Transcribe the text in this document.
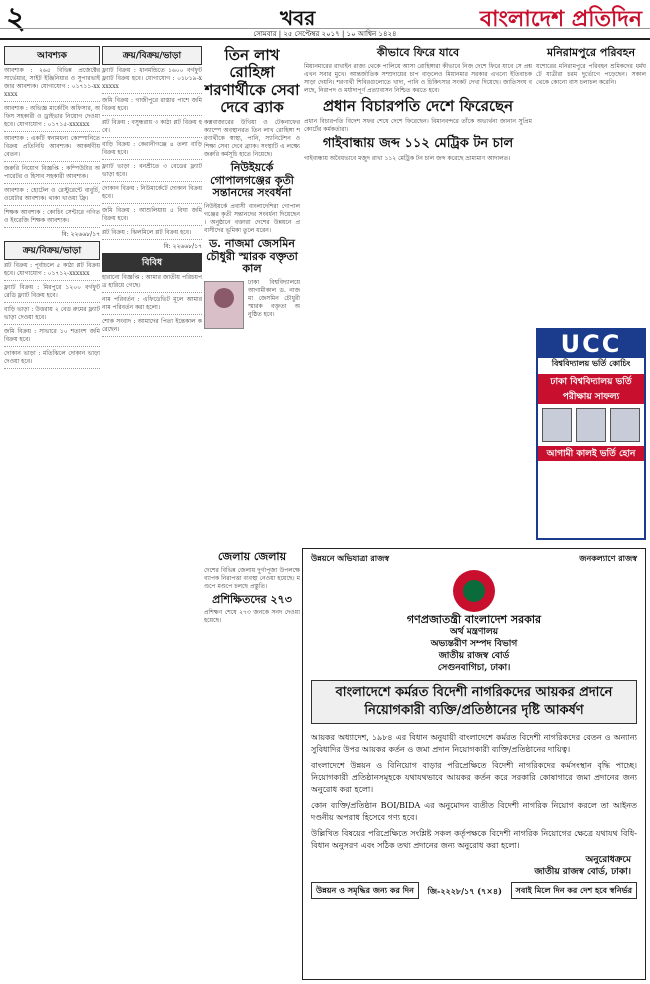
২	খবর	বাংলাদেশ প্রতিদিন
সোমবার | ২৫ সেপ্টেম্বর ২০১৭ | ১০ আশ্বিন ১৪২৪
আবশ্যক
আবশ্যক : ২৬৫ বিভিন্ন প্রজেক্টের সার্ভেয়ার, সাইট ইঞ্জিনিয়ার ও সুপারভাইজার আবশ্যক। যোগাযোগ : ০১৭১১-xxxxxx
আবশ্যক : অভিজ্ঞ মার্কেটিং অফিসার, অফিস সহকারী ও ড্রাইভার নিয়োগ দেওয়া হবে। যোগাযোগ : ০১৭১৫-xxxxxx
আবশ্যক : একটি স্বনামধন্য কোম্পানিতে বিক্রয় প্রতিনিধি আবশ্যক। আকর্ষণীয় বেতন।
জরুরি নিয়োগ বিজ্ঞপ্তি : কম্পিউটার অপারেটর ও হিসাব সহকারী আবশ্যক।
আবশ্যক : হোটেল ও রেস্টুরেন্টে বাবুর্চি, ওয়েটার আবশ্যক। থাকা খাওয়া ফ্রি।
শিক্ষক আবশ্যক : কোচিং সেন্টারে গণিত ও ইংরেজি শিক্ষক আবশ্যক।
বি: ২২৬৬৮/১৭
ক্রয়/বিক্রয়/ভাড়া
প্লট বিক্রয় : পূর্বাচলে ৫ কাঠা প্লট বিক্রয় হবে। যোগাযোগ : ০১৭১২-xxxxxx
ফ্ল্যাট বিক্রয় : মিরপুরে ১২০০ বর্গফুট রেডি ফ্ল্যাট বিক্রয় হবে।
বাড়ি ভাড়া : উত্তরায় ২ বেড রুমের ফ্ল্যাট ভাড়া দেওয়া হবে।
জমি বিক্রয় : সাভারে ১০ শতাংশ জমি বিক্রয় হবে।
দোকান ভাড়া : মতিঝিলে দোকান ভাড়া দেওয়া হবে।
ক্রয়/বিক্রয়/ভাড়া
ফ্ল্যাট বিক্রয় : ধানমন্ডিতে ১৬০০ বর্গফুট ফ্ল্যাট বিক্রয় হবে। যোগাযোগ : ০১৮১৯-xxxxxx
জমি বিক্রয় : গাজীপুরে রাস্তার পাশে জমি বিক্রয় হবে।
প্লট বিক্রয় : বসুন্ধরায় ৩ কাঠা প্লট বিক্রয় হবে।
বাড়ি বিক্রয় : কেরানীগঞ্জে ৪ তলা বাড়ি বিক্রয় হবে।
ফ্ল্যাট ভাড়া : বনশ্রীতে ৩ বেডের ফ্ল্যাট ভাড়া হবে।
দোকান বিক্রয় : নিউমার্কেটে দোকান বিক্রয় হবে।
জমি বিক্রয় : আশুলিয়ায় ৫ বিঘা জমি বিক্রয় হবে।
প্লট বিক্রয় : ঝিলমিলে প্লট বিক্রয় হবে।
বি: ২২৬৬৮/১৭
বিবিধ
হারানো বিজ্ঞপ্তি : আমার জাতীয় পরিচয়পত্র হারিয়ে গেছে।
নাম পরিবর্তন : এফিডেভিট মূলে আমার নাম পরিবর্তন করা হলো।
শোক সংবাদ : আমাদের পিতা ইন্তেকাল করেছেন।
তিন লাখ রোহিঙ্গা শরণার্থীকে সেবা দেবে ব্র্যাক
কক্সবাজারের উখিয়া ও টেকনাফের ক্যাম্পে অবস্থানরত তিন লাখ রোহিঙ্গা শরণার্থীকে স্বাস্থ্য, পানি, স্যানিটেশন ও শিক্ষা সেবা দেবে ব্র্যাক। সংস্থাটি এ লক্ষ্যে জরুরি কর্মসূচি হাতে নিয়েছে।
নিউইয়র্কে গোপালগঞ্জের কৃতী সন্তানদের সংবর্ধনা
নিউইয়র্কে প্রবাসী বাংলাদেশিরা গোপালগঞ্জের কৃতী সন্তানদের সংবর্ধনা দিয়েছেন। অনুষ্ঠানে বক্তারা দেশের উন্নয়নে প্রবাসীদের ভূমিকা তুলে ধরেন।
ড. নাজমা জেসমিন চৌধুরী স্মারক বক্তৃতা কাল
ঢাকা বিশ্ববিদ্যালয়ে আগামীকাল ড. নাজমা জেসমিন চৌধুরী স্মারক বক্তৃতা অনুষ্ঠিত হবে।
কীভাবে ফিরে যাবে
মিয়ানমারের রাখাইন রাজ্য থেকে পালিয়ে আসা রোহিঙ্গারা কীভাবে নিজ দেশে ফিরে যাবে সে প্রশ্ন এখন সবার মুখে। আন্তর্জাতিক সম্প্রদায়ের চাপ বাড়লেও মিয়ানমার সরকার এখনো ইতিবাচক সাড়া দেয়নি। শরণার্থী শিবিরগুলোতে খাদ্য, পানি ও চিকিৎসার সংকট দেখা দিয়েছে। জাতিসংঘ বলছে, নিরাপদ ও মর্যাদাপূর্ণ প্রত্যাবাসন নিশ্চিত করতে হবে।
প্রধান বিচারপতি দেশে ফিরেছেন
প্রধান বিচারপতি বিদেশ সফর শেষে দেশে ফিরেছেন। বিমানবন্দরে তাঁকে অভ্যর্থনা জানান সুপ্রিম কোর্টের কর্মকর্তারা।
গাইবান্ধায় জব্দ ১১২ মেট্রিক টন চাল
গাইবান্ধায় অবৈধভাবে মজুদ রাখা ১১২ মেট্রিক টন চাল জব্দ করেছে ভ্রাম্যমাণ আদালত।
মনিরামপুরে পরিবহন
যশোরের মনিরামপুরে পরিবহন শ্রমিকদের ধর্মঘটে যাত্রীরা চরম দুর্ভোগে পড়েছেন। সকাল থেকে কোনো বাস চলাচল করেনি।
UCC
বিশ্ববিদ্যালয় ভর্তি কোচিং
ঢাকা বিশ্ববিদ্যালয় ভর্তি পরীক্ষায় সাফল্য
আগামী কালই ভর্তি হোন
জেলায় জেলায়
দেশের বিভিন্ন জেলায় দুর্গাপূজা উপলক্ষে ব্যাপক নিরাপত্তা ব্যবস্থা নেওয়া হয়েছে। মণ্ডপে মণ্ডপে চলছে প্রস্তুতি।
প্রশিক্ষিতদের ২৭৩
প্রশিক্ষণ শেষে ২৭৩ জনকে সনদ দেওয়া হয়েছে।
উন্নয়নে অভিযাত্রা রাজস্ব	জনকল্যাণে রাজস্ব
গণপ্রজাতন্ত্রী বাংলাদেশ সরকার
অর্থ মন্ত্রণালয়
অভ্যন্তরীণ সম্পদ বিভাগ
জাতীয় রাজস্ব বোর্ড
সেগুনবাগিচা, ঢাকা।
বাংলাদেশে কর্মরত বিদেশী নাগরিকদের আয়কর প্রদানে নিয়োগকারী ব্যক্তি/প্রতিষ্ঠানের দৃষ্টি আকর্ষণ
আয়কর অধ্যাদেশ, ১৯৮৪ এর বিধান অনুযায়ী বাংলাদেশে কর্মরত বিদেশী নাগরিকদের বেতন ও অন্যান্য সুবিধাদির উপর আয়কর কর্তন ও জমা প্রদান নিয়োগকারী ব্যক্তি/প্রতিষ্ঠানের দায়িত্ব।
বাংলাদেশে উন্নয়ন ও বিনিয়োগ বাড়ার পরিপ্রেক্ষিতে বিদেশী নাগরিকদের কর্মসংস্থান বৃদ্ধি পাচ্ছে। নিয়োগকারী প্রতিষ্ঠানসমূহকে যথাযথভাবে আয়কর কর্তন করে সরকারি কোষাগারে জমা প্রদানের জন্য অনুরোধ করা হলো।
কোন ব্যক্তি/প্রতিষ্ঠান BOI/BIDA এর অনুমোদন ব্যতীত বিদেশী নাগরিক নিয়োগ করলে তা আইনত দণ্ডনীয় অপরাধ হিসেবে গণ্য হবে।
উল্লিখিত বিষয়ের পরিপ্রেক্ষিতে সংশ্লিষ্ট সকল কর্তৃপক্ষকে বিদেশী নাগরিক নিয়োগের ক্ষেত্রে যথাযথ বিধি-বিধান অনুসরণ এবং সঠিক তথ্য প্রদানের জন্য অনুরোধ করা হলো।
অনুরোধক্রমে
জাতীয় রাজস্ব বোর্ড, ঢাকা।
উন্নয়ন ও সমৃদ্ধির জন্য কর দিন	জি-২২২৮/১৭ (৭×৪)	সবাই মিলে দিন কর দেশ হবে স্বনির্ভর
